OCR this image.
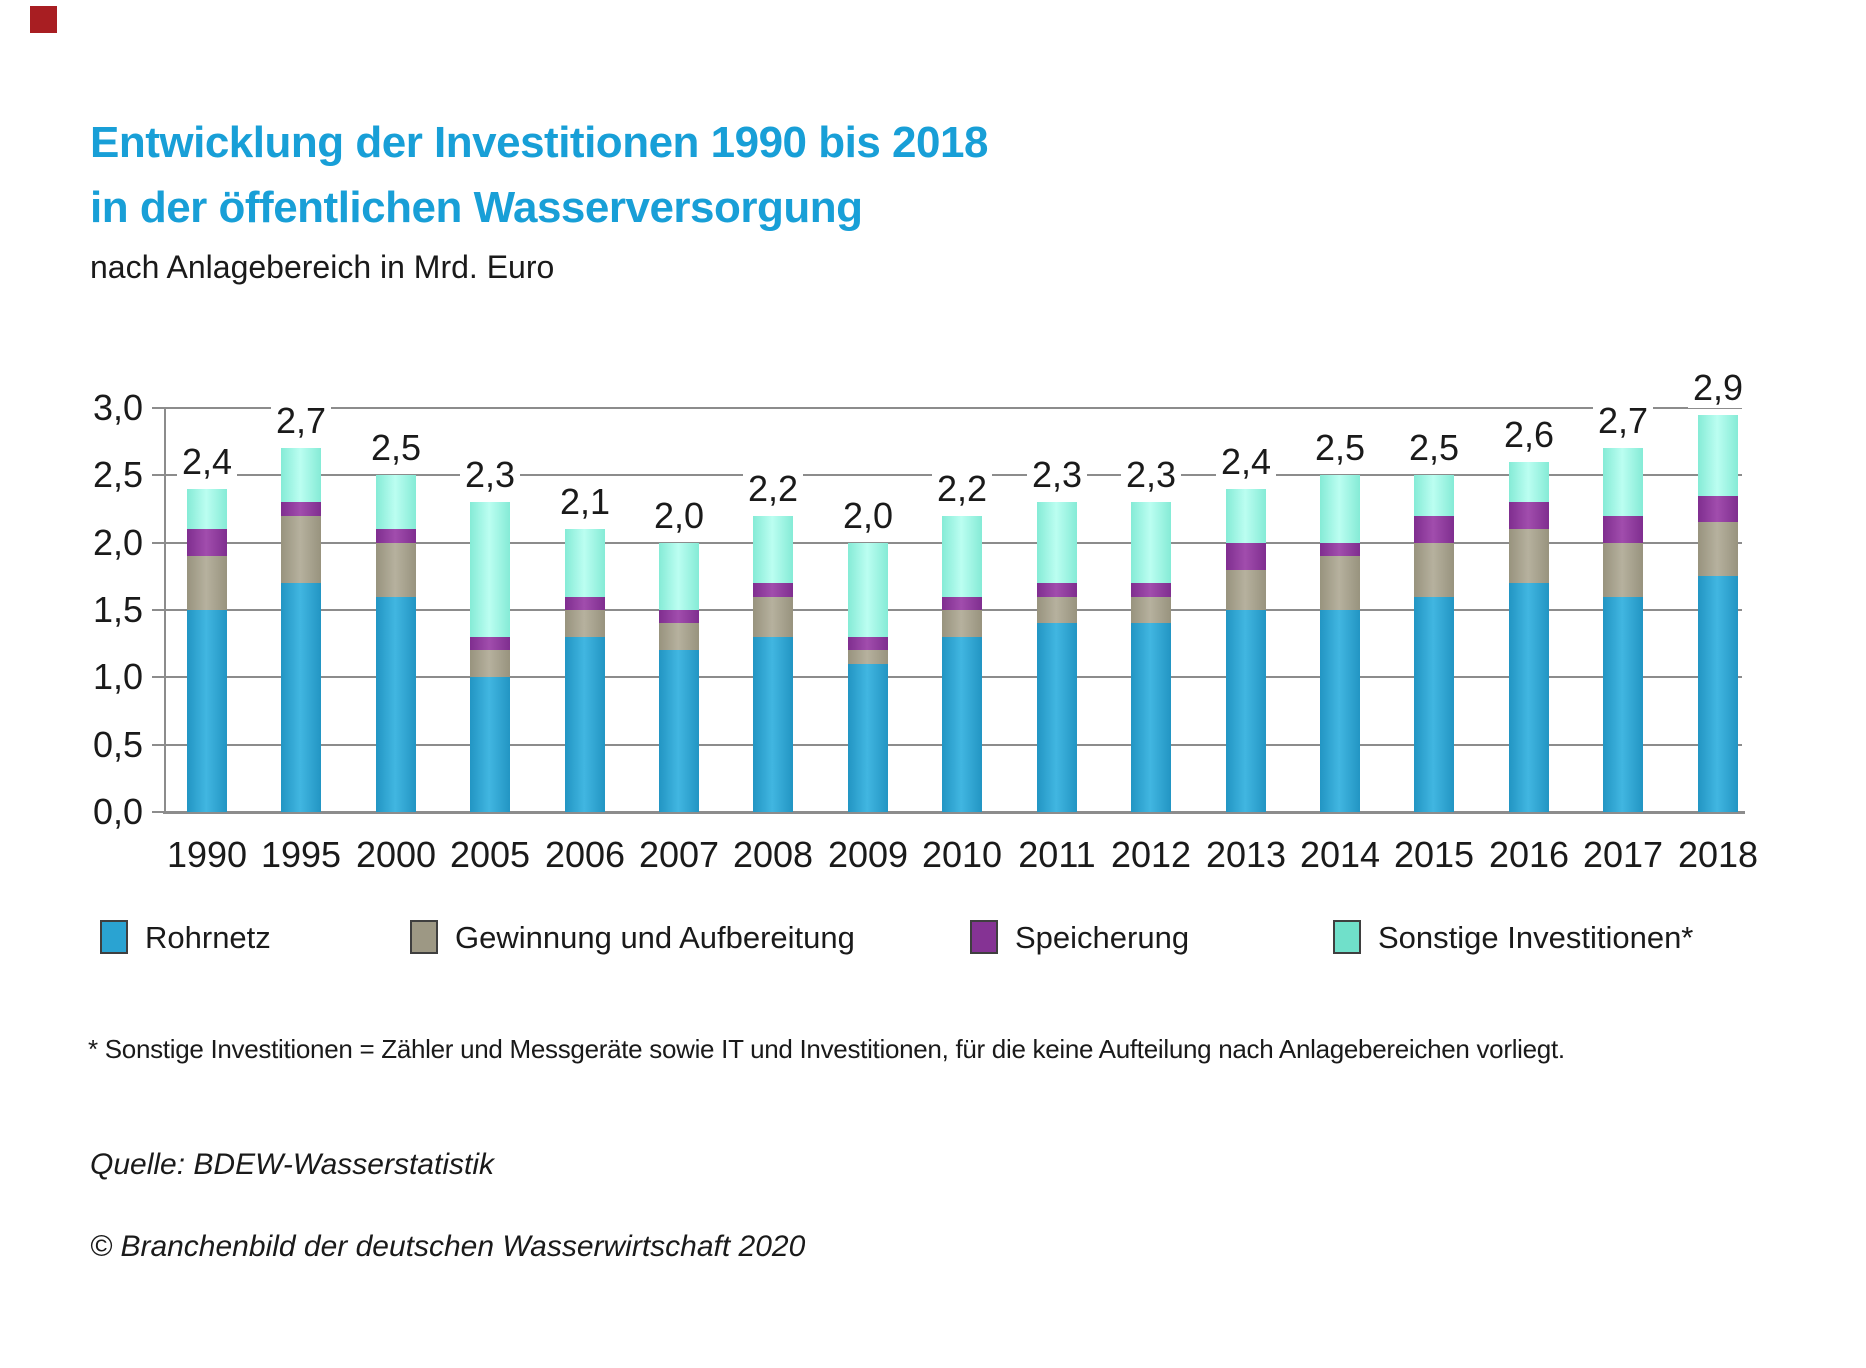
Entwicklung der Investitionen 1990 bis 2018
in der öffentlichen Wasserversorgung
nach Anlagebereich in Mrd. Euro
3,0
2,5
2,0
1,5
1,0
0,5
0,0
2,4
1990
2,7
1995
2,5
2000
2,3
2005
2,1
2006
2,0
2007
2,2
2008
2,0
2009
2,2
2010
2,3
2011
2,3
2012
2,4
2013
2,5
2014
2,5
2015
2,6
2016
2,7
2017
2,9
2018
Rohrnetz	Gewinnung und Aufbereitung	Speicherung	Sonstige Investitionen*
* Sonstige Investitionen = Zähler und Messgeräte sowie IT und Investitionen, für die keine Aufteilung nach Anlagebereichen vorliegt.
Quelle: BDEW-Wasserstatistik
© Branchenbild der deutschen Wasserwirtschaft 2020
